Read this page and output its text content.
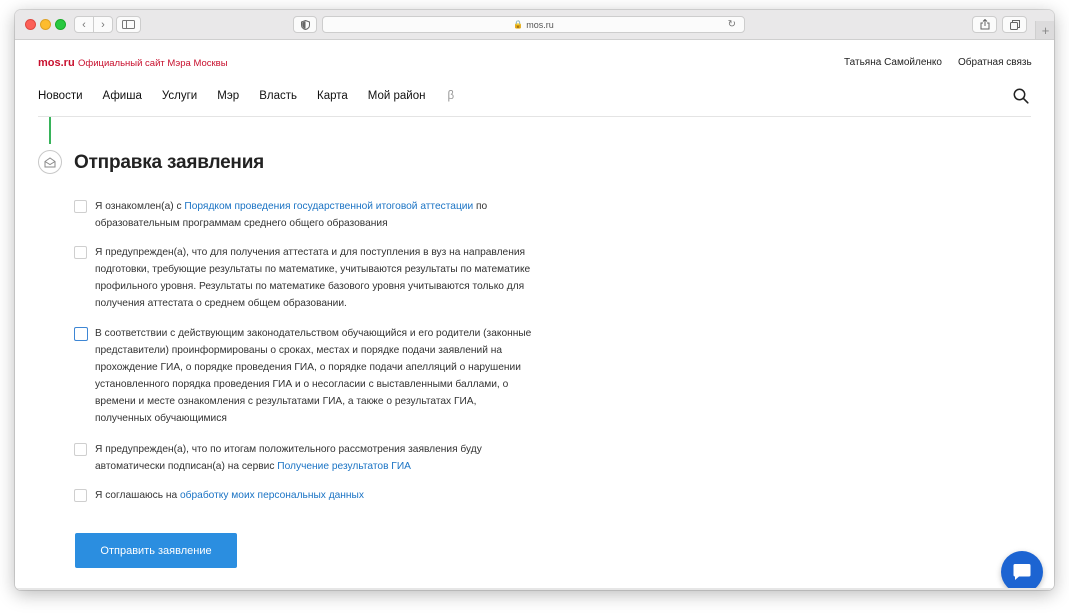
‹	›	🔒 mos.ru	↻	+
mos.ru Официальный сайт Мэра Москвы	Татьяна Самойленко Обратная связь
Новости Афиша Услуги Мэр Власть Карта Мой район β
Отправка заявления
Я ознакомлен(а) с Порядком проведения государственной итоговой аттестации по образовательным программам среднего общего образования
Я предупрежден(а), что для получения аттестата и для поступления в вуз на направления подготовки, требующие результаты по математике, учитываются результаты по математике профильного уровня. Результаты по математике базового уровня учитываются только для получения аттестата о среднем общем образовании.
В соответствии с действующим законодательством обучающийся и его родители (законные представители) проинформированы о сроках, местах и порядке подачи заявлений на прохождение ГИА, о порядке проведения ГИА, о порядке подачи апелляций о нарушении установленного порядка проведения ГИА и о несогласии с выставленными баллами, о времени и месте ознакомления с результатами ГИА, а также о результатах ГИА, полученных обучающимися
Я предупрежден(а), что по итогам положительного рассмотрения заявления буду автоматически подписан(а) на сервис Получение результатов ГИА
Я соглашаюсь на обработку моих персональных данных
Отправить заявление
